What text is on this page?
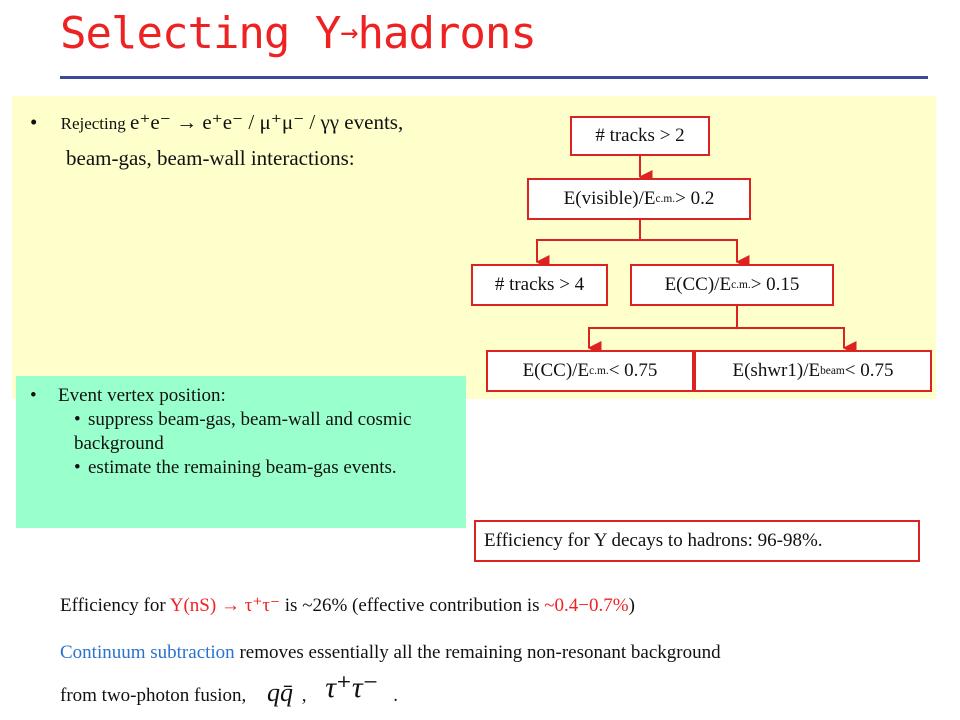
Selecting Y→hadrons
• Rejecting e⁺e⁻ → e⁺e⁻ / μ⁺μ⁻ / γγ events,
beam-gas, beam-wall interactions:
# tracks > 2
E(visible)/E c.m. > 0.2
# tracks > 4	E(CC)/E c.m. > 0.15
E(CC)/E c.m. < 0.75	E(shwr1)/E beam < 0.75
• Event vertex position:
• suppress beam-gas, beam-wall and cosmic background
• estimate the remaining beam-gas events.
Efficiency for Y decays to hadrons: 96-98%.
Efficiency for Y(nS) → τ⁺τ⁻ is ~26% (effective contribution is ~0.4−0.7%)
Continuum subtraction removes essentially all the remaining non-resonant background
from two-photon fusion, qq̄ , τ⁺τ⁻ .
